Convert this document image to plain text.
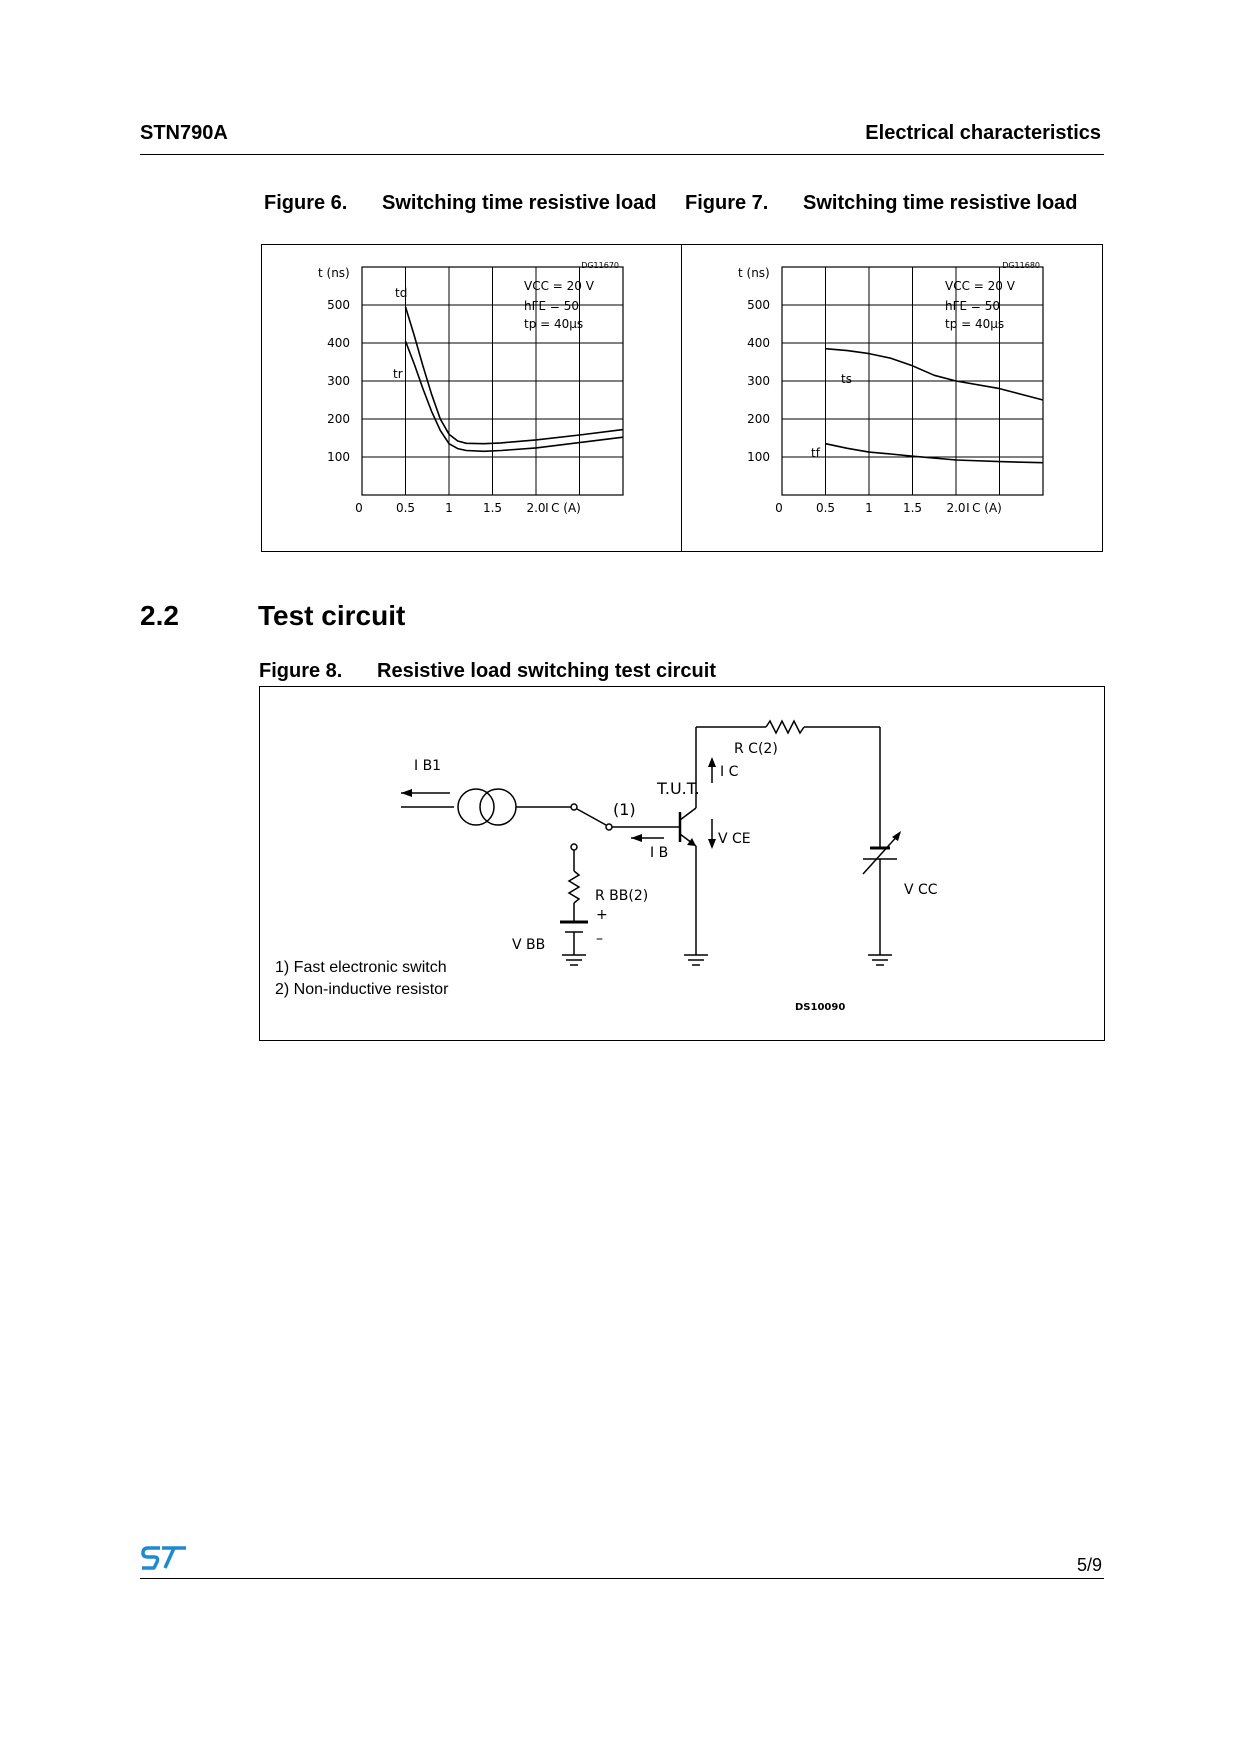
STN790A	Electrical characteristics
Figure 6. Switching time resistive load Figure 7. Switching time resistive load
100
200
300
400
500
0	0.5	1	1.5 2.0
t (ns)
DG11670
I C (A)
VCC = 20 V
hFE = 50
tp = 40μs
td
tr
100
200
300
400
500
0	0.5	1	1.5 2.0
t (ns)
DG11680
I C (A)
VCC = 20 V
hFE = 50
tp = 40μs
ts
tf
2.2	Test circuit
Figure 8. Resistive load switching test circuit
I B1
T.U.T.
R C(2)
I C
(1)
I B
V CE
R BB(2)
V BB
+
–
V CC
DS10090
1) Fast electronic switch
2) Non-inductive resistor
5/9
